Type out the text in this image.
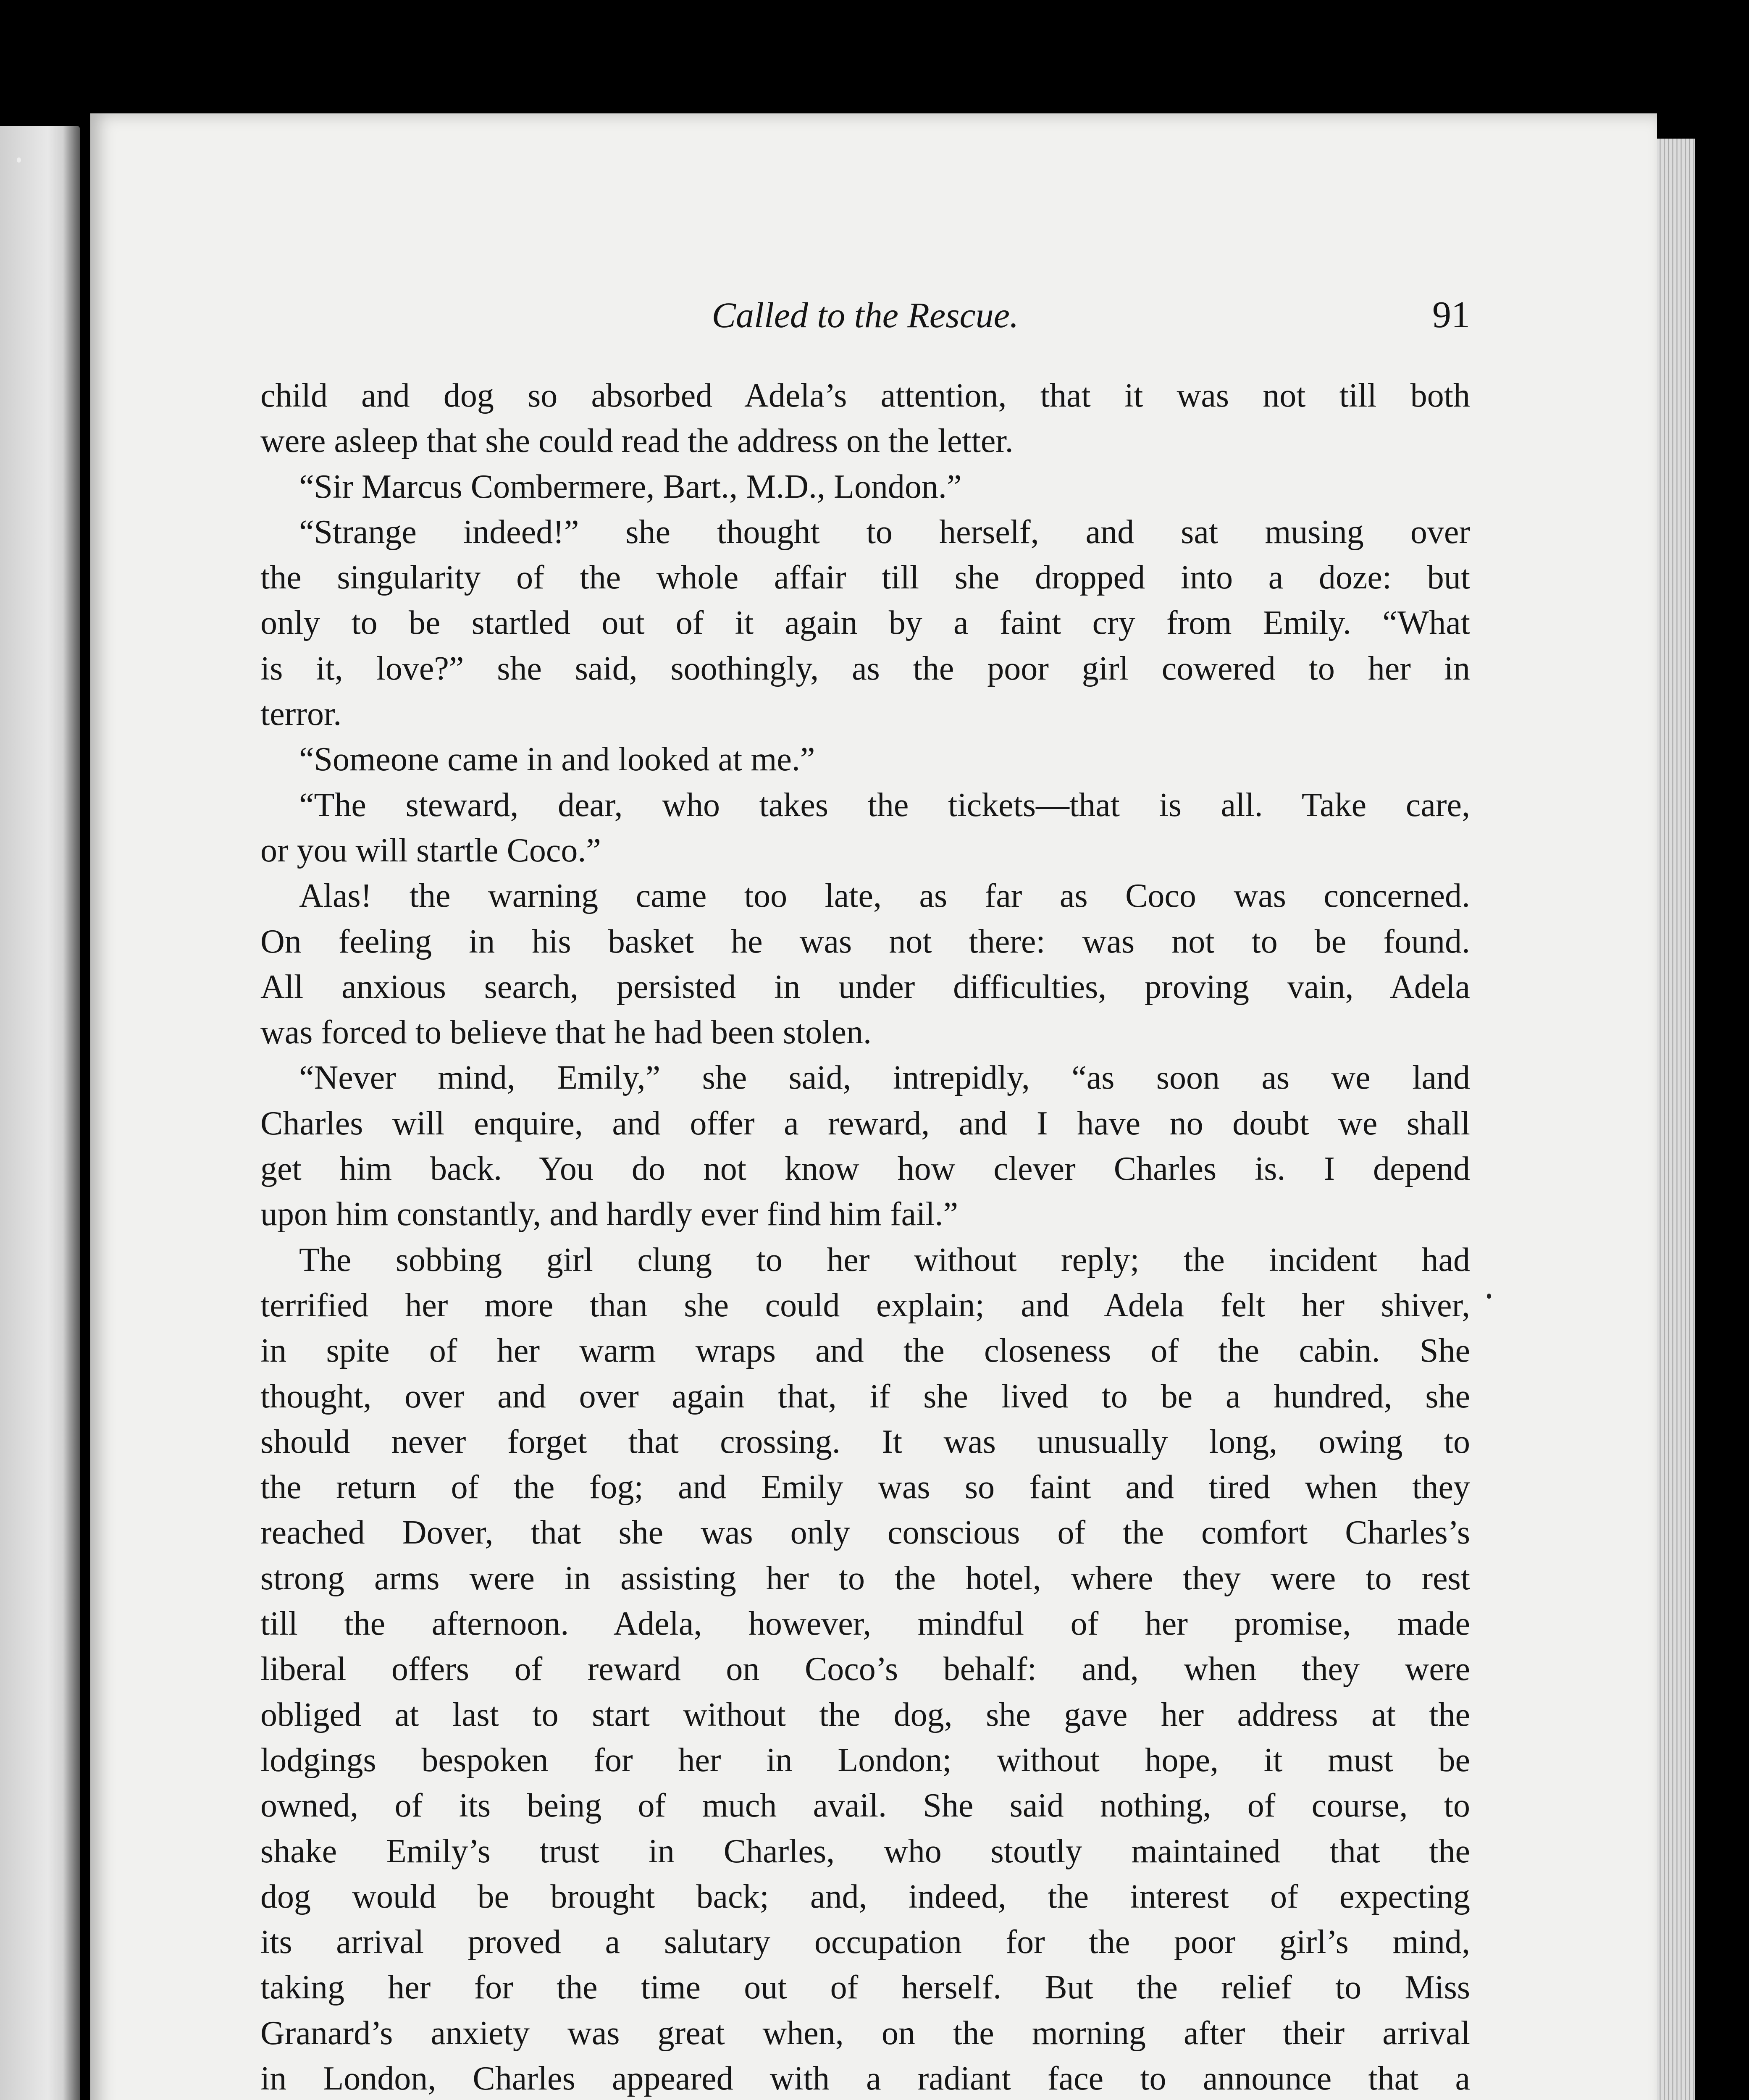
Called to the Rescue.	91
child and dog so absorbed Adela’s attention, that it was not till both
were asleep that she could read the address on the letter.
“Sir Marcus Combermere, Bart., M.D., London.”
“Strange indeed!” she thought to herself, and sat musing over
the singularity of the whole affair till she dropped into a doze: but
only to be startled out of it again by a faint cry from Emily. “What
is it, love?” she said, soothingly, as the poor girl cowered to her in
terror.
“Someone came in and looked at me.”
“The steward, dear, who takes the tickets—that is all. Take care,
or you will startle Coco.”
Alas! the warning came too late, as far as Coco was concerned.
On feeling in his basket he was not there: was not to be found.
All anxious search, persisted in under difficulties, proving vain, Adela
was forced to believe that he had been stolen.
“Never mind, Emily,” she said, intrepidly, “as soon as we land
Charles will enquire, and offer a reward, and I have no doubt we shall
get him back. You do not know how clever Charles is. I depend
upon him constantly, and hardly ever find him fail.”
The sobbing girl clung to her without reply; the incident had
terrified her more than she could explain; and Adela felt her shiver,
in spite of her warm wraps and the closeness of the cabin. She
thought, over and over again that, if she lived to be a hundred, she
should never forget that crossing. It was unusually long, owing to
the return of the fog; and Emily was so faint and tired when they
reached Dover, that she was only conscious of the comfort Charles’s
strong arms were in assisting her to the hotel, where they were to rest
till the afternoon. Adela, however, mindful of her promise, made
liberal offers of reward on Coco’s behalf: and, when they were
obliged at last to start without the dog, she gave her address at the
lodgings bespoken for her in London; without hope, it must be
owned, of its being of much avail. She said nothing, of course, to
shake Emily’s trust in Charles, who stoutly maintained that the
dog would be brought back; and, indeed, the interest of expecting
its arrival proved a salutary occupation for the poor girl’s mind,
taking her for the time out of herself. But the relief to Miss
Granard’s anxiety was great when, on the morning after their arrival
in London, Charles appeared with a radiant face to announce that a
